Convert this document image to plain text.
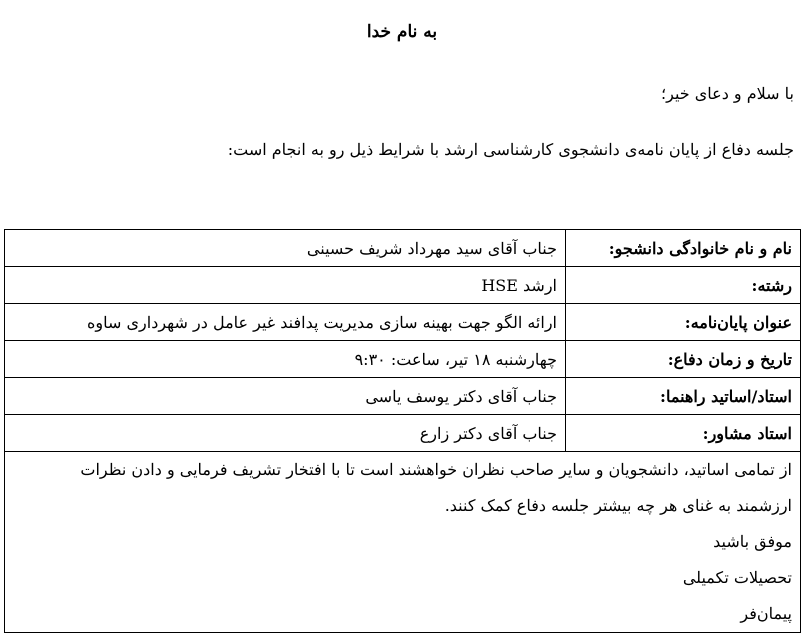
به نام خدا
با سلام و دعای خیر؛
جلسه دفاع از پایان نامه‌ی دانشجوی کارشناسی ارشد با شرایط ذیل رو به انجام است:
نام و نام خانوادگی دانشجو:	جناب آقای سید مهرداد شریف حسینی
رشته:	ارشد HSE
عنوان پایان‌نامه:	ارائه الگو جهت بهینه سازی مدیریت پدافند غیر عامل در شهرداری ساوه
تاریخ و زمان دفاع:	چهارشنبه ۱۸ تیر، ساعت: ۹:۳۰
استاد/اساتید راهنما:	جناب آقای دکتر یوسف یاسی
استاد مشاور:	جناب آقای دکتر زارع

از تمامی اساتید، دانشجویان و سایر صاحب نظران خواهشند است تا با افتخار تشریف فرمایی و دادن نظرات
ارزشمند به غنای هر چه بیشتر جلسه دفاع کمک کنند.
موفق باشید
تحصیلات تکمیلی
پیمان‌فر	
